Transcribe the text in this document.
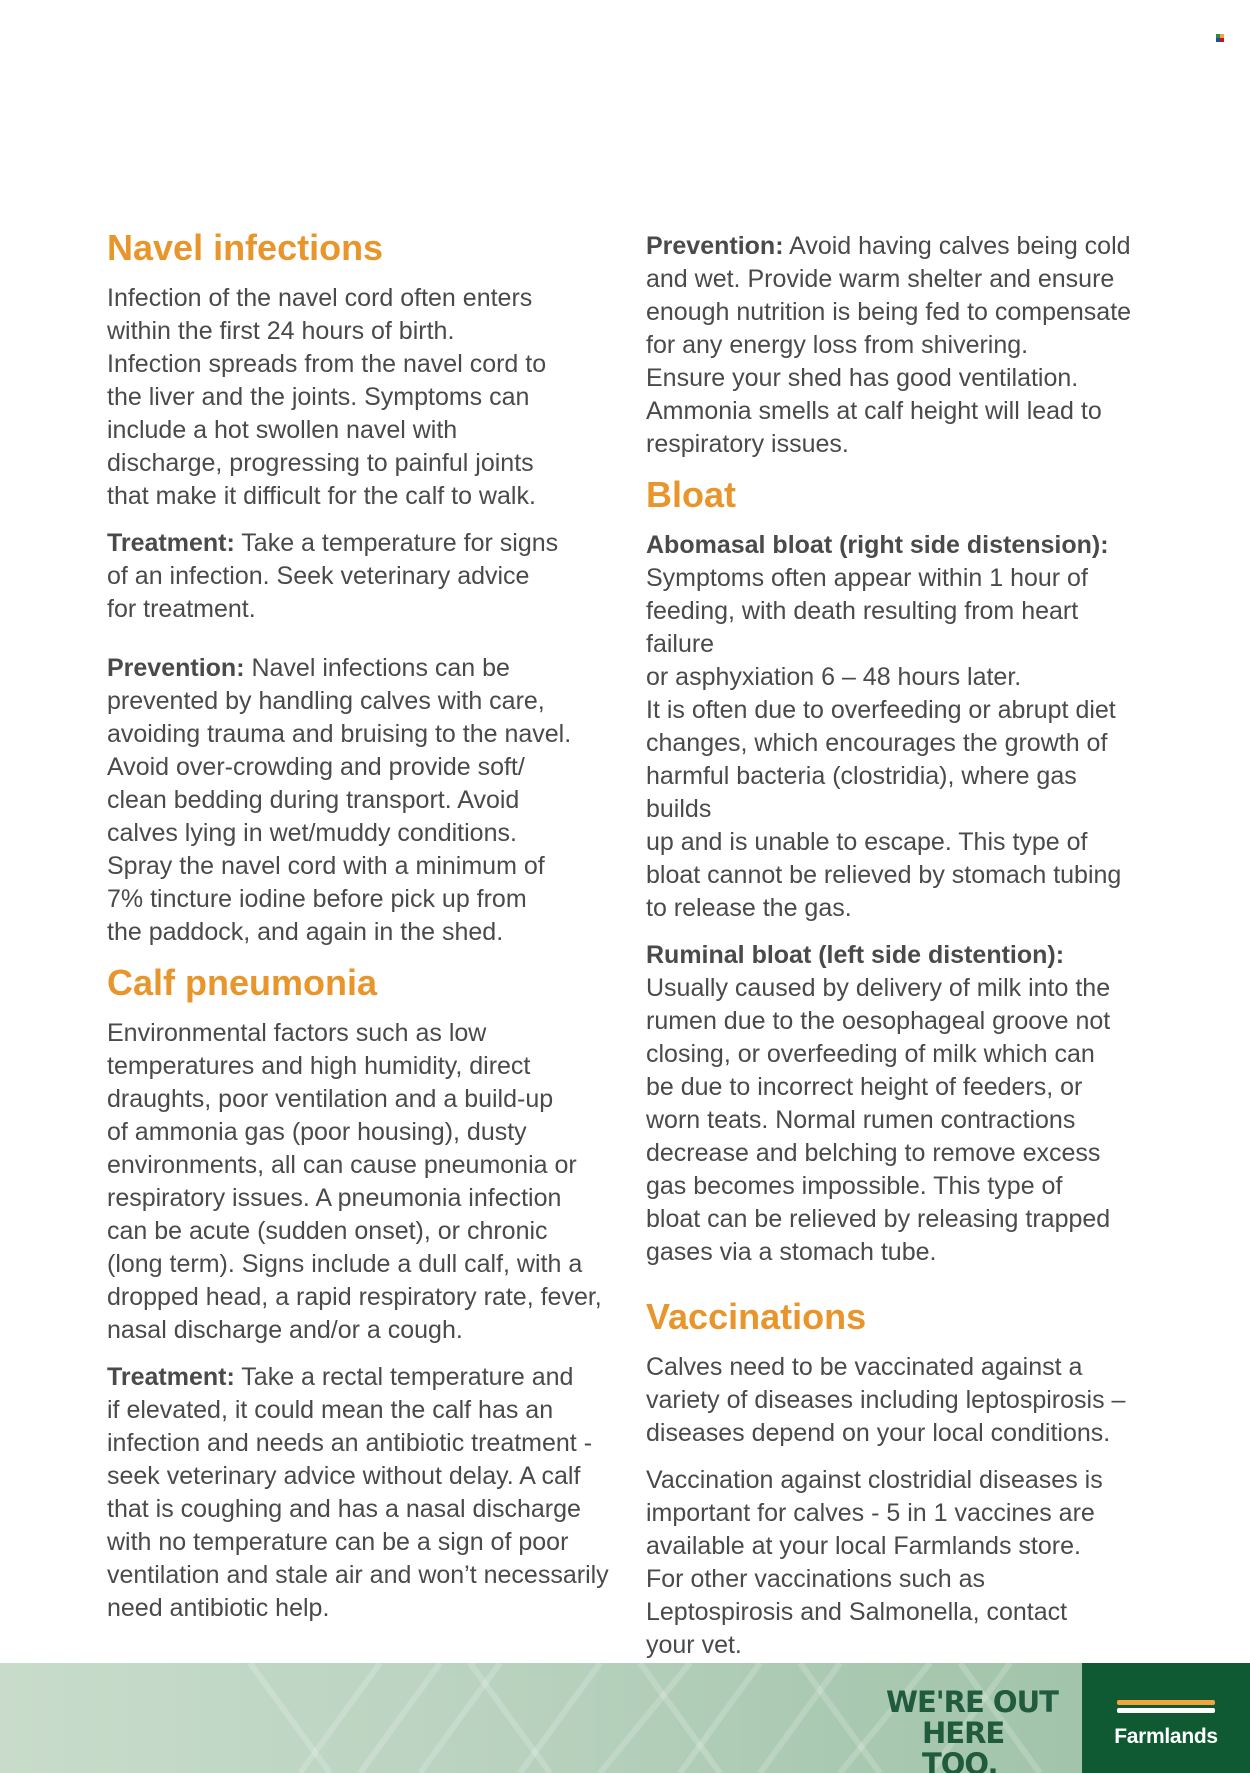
Navel infections

Infection of the navel cord often enters
within the first 24 hours of birth.
Infection spreads from the navel cord to
the liver and the joints. Symptoms can
include a hot swollen navel with
discharge, progressing to painful joints
that make it difficult for the calf to walk.

Treatment: Take a temperature for signs
of an infection. Seek veterinary advice
for treatment.

Prevention: Navel infections can be
prevented by handling calves with care,
avoiding trauma and bruising to the navel.
Avoid over-crowding and provide soft/
clean bedding during transport. Avoid
calves lying in wet/muddy conditions.
Spray the navel cord with a minimum of
7% tincture iodine before pick up from
the paddock, and again in the shed.

Calf pneumonia

Environmental factors such as low
temperatures and high humidity, direct
draughts, poor ventilation and a build-up
of ammonia gas (poor housing), dusty
environments, all can cause pneumonia or
respiratory issues. A pneumonia infection
can be acute (sudden onset), or chronic
(long term). Signs include a dull calf, with a
dropped head, a rapid respiratory rate, fever,
nasal discharge and/or a cough.

Treatment: Take a rectal temperature and
if elevated, it could mean the calf has an
infection and needs an antibiotic treatment -
seek veterinary advice without delay. A calf
that is coughing and has a nasal discharge
with no temperature can be a sign of poor
ventilation and stale air and won’t necessarily
need antibiotic help.

Prevention: Avoid having calves being cold
and wet. Provide warm shelter and ensure
enough nutrition is being fed to compensate
for any energy loss from shivering.
Ensure your shed has good ventilation.
Ammonia smells at calf height will lead to
respiratory issues.

Bloat

Abomasal bloat (right side distension):
Symptoms often appear within 1 hour of
feeding, with death resulting from heart failure
or asphyxiation 6 – 48 hours later.
It is often due to overfeeding or abrupt diet
changes, which encourages the growth of
harmful bacteria (clostridia), where gas builds
up and is unable to escape. This type of
bloat cannot be relieved by stomach tubing
to release the gas.

Ruminal bloat (left side distention):
Usually caused by delivery of milk into the
rumen due to the oesophageal groove not
closing, or overfeeding of milk which can
be due to incorrect height of feeders, or
worn teats. Normal rumen contractions
decrease and belching to remove excess
gas becomes impossible. This type of
bloat can be relieved by releasing trapped
gases via a stomach tube.

Vaccinations

Calves need to be vaccinated against a
variety of diseases including leptospirosis –
diseases depend on your local conditions.

Vaccination against clostridial diseases is
important for calves - 5 in 1 vaccines are
available at your local Farmlands store.
For other vaccinations such as
Leptospirosis and Salmonella, contact
your vet.

WE'RE OUT
HERE TOO.
Farmlands
